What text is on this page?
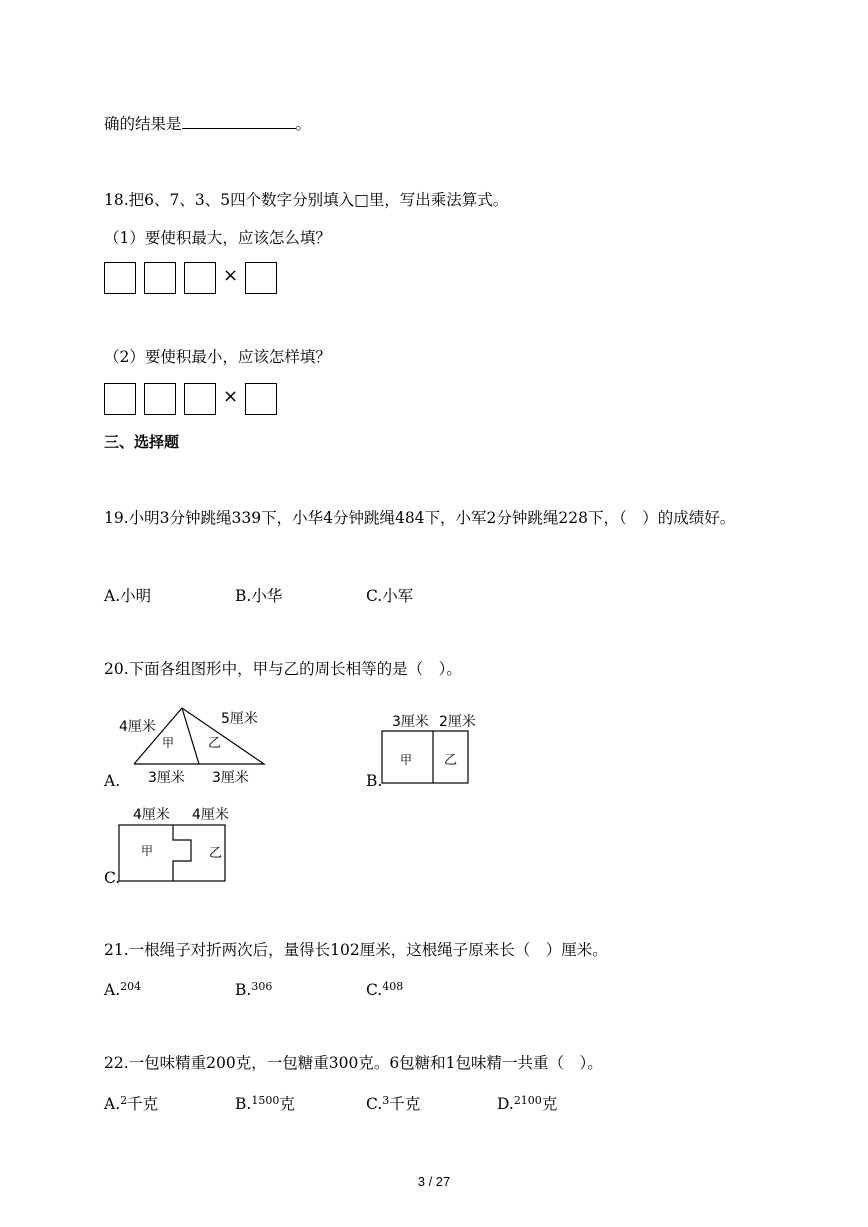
确的结果是	。
18.把6、7、3、5四个数字分别填入□里，写出乘法算式。
（1）要使积最大，应该怎么填？
×
（2）要使积最小，应该怎样填？
×
三、选择题
19.小明3分钟跳绳339下，小华4分钟跳绳484下，小军2分钟跳绳228下，（　）的成绩好。
A.小明	B.小华	C.小军
20.下面各组图形中，甲与乙的周长相等的是（　）。
4厘米	5厘米
甲	乙
3厘米 3厘米
A.
3厘米 2厘米
甲 乙
B.
4厘米 4厘米
甲	乙
C.
21.一根绳子对折两次后，量得长102厘米，这根绳子原来长（　）厘米。
A.$^{204}$	B.$^{306}$	C.$^{408}$
22.一包味精重200克，一包糖重300克。6包糖和1包味精一共重（　）。
A.$^2$千克	B.$^{1500}$克	C.$^3$千克	D.$^{2100}$克
3 / 27
